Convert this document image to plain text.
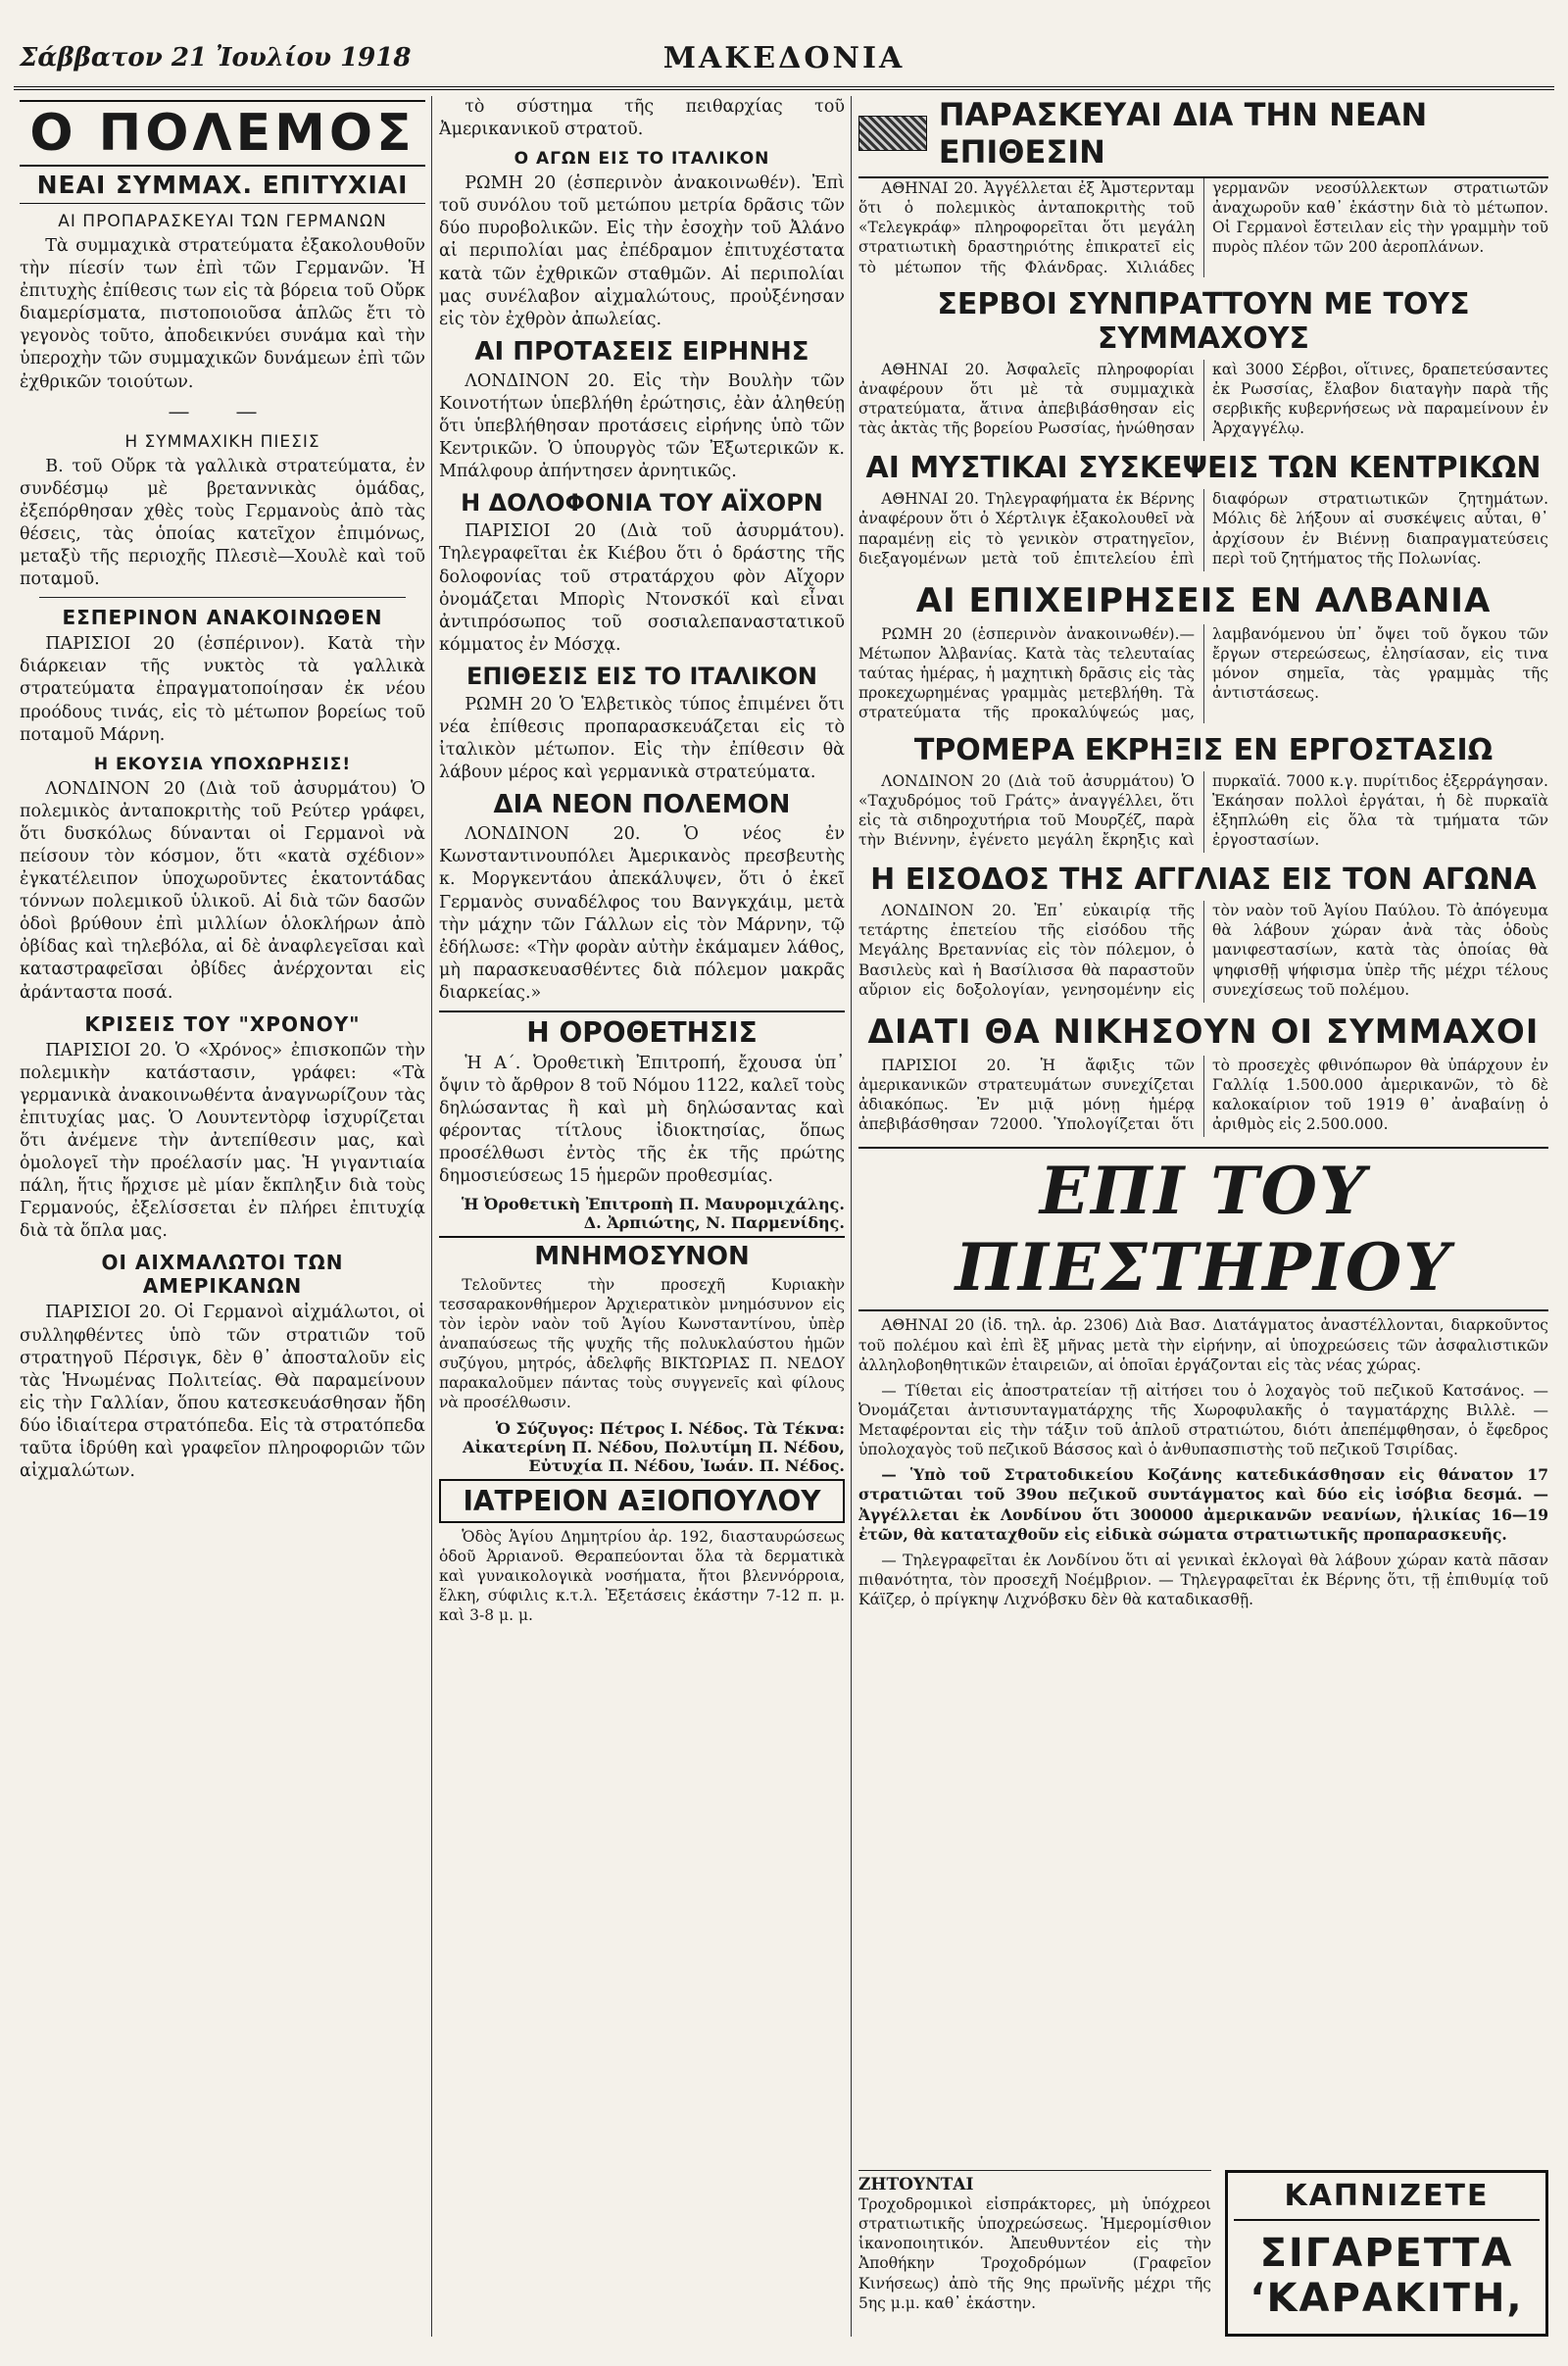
Σάββατον 21 Ἰουλίου 1918	ΜΑΚΕΔΟΝΙΑ
Ο ΠΟΛΕΜΟΣ
ΝΕΑΙ ΣΥΜΜΑΧ. ΕΠΙΤΥΧΙΑΙ
ΑΙ ΠΡΟΠΑΡΑΣΚΕΥΑΙ ΤΩΝ ΓΕΡΜΑΝΩΝ

Τὰ συμμαχικὰ στρατεύματα ἐξακολουθοῦν τὴν πίεσίν των ἐπὶ τῶν Γερμανῶν. Ἡ ἐπιτυχὴς ἐπίθεσις των εἰς τὰ βόρεια τοῦ Οὔρκ διαμερίσματα, πιστοποιοῦσα ἁπλῶς ἔτι τὸ γεγονὸς τοῦτο, ἀποδεικνύει συνάμα καὶ τὴν ὑπεροχὴν τῶν συμμαχικῶν δυνάμεων ἐπὶ τῶν ἐχθρικῶν τοιούτων.

— —
Η ΣΥΜΜΑΧΙΚΗ ΠΙΕΣΙΣ

Β. τοῦ Οὔρκ τὰ γαλλικὰ στρατεύματα, ἐν συνδέσμῳ μὲ βρεταννικὰς ὁμάδας, ἐξεπόρθησαν χθὲς τοὺς Γερμανοὺς ἀπὸ τὰς θέσεις, τὰς ὁποίας κατεῖχον ἐπιμόνως, μεταξὺ τῆς περιοχῆς Πλεσιὲ—Χουλὲ καὶ τοῦ ποταμοῦ.

ΕΣΠΕΡΙΝΟΝ ΑΝΑΚΟΙΝΩΘΕΝ

ΠΑΡΙΣΙΟΙ 20 (ἑσπέρινον). Κατὰ τὴν διάρκειαν τῆς νυκτὸς τὰ γαλλικὰ στρατεύματα ἐπραγματοποίησαν ἐκ νέου προόδους τινάς, εἰς τὸ μέτωπον βορείως τοῦ ποταμοῦ Μάρνη.

Η ΕΚΟΥΣΙΑ ΥΠΟΧΩΡΗΣΙΣ!

ΛΟΝΔΙΝΟΝ 20 (Διὰ τοῦ ἀσυρμάτου) Ὁ πολεμικὸς ἀνταποκριτὴς τοῦ Ρεύτερ γράφει, ὅτι δυσκόλως δύνανται οἱ Γερμανοὶ νὰ πείσουν τὸν κόσμον, ὅτι «κατὰ σχέδιον» ἐγκατέλειπον ὑποχωροῦντες ἑκατοντάδας τόννων πολεμικοῦ ὑλικοῦ. Αἱ διὰ τῶν δασῶν ὁδοὶ βρύθουν ἐπὶ μιλλίων ὁλοκλήρων ἀπὸ ὀβίδας καὶ τηλεβόλα, αἱ δὲ ἀναφλεγεῖσαι καὶ καταστραφεῖσαι ὀβίδες ἀνέρχονται εἰς ἀράνταστα ποσά.

ΚΡΙΣΕΙΣ ΤΟΥ "ΧΡΟΝΟΥ"

ΠΑΡΙΣΙΟΙ 20. Ὁ «Χρόνος» ἐπισκοπῶν τὴν πολεμικὴν κατάστασιν, γράφει: «Τὰ γερμανικὰ ἀνακοινωθέντα ἀναγνωρίζουν τὰς ἐπιτυχίας μας. Ὁ Λουντεντὸρφ ἰσχυρίζεται ὅτι ἀνέμενε τὴν ἀντεπίθεσιν μας, καὶ ὁμολογεῖ τὴν προέλασίν μας. Ἡ γιγαντιαία πάλη, ἥτις ἤρχισε μὲ μίαν ἔκπληξιν διὰ τοὺς Γερμανούς, ἐξελίσσεται ἐν πλήρει ἐπιτυχίᾳ διὰ τὰ ὅπλα μας.

ΟΙ ΑΙΧΜΑΛΩΤΟΙ ΤΩΝ ΑΜΕΡΙΚΑΝΩΝ

ΠΑΡΙΣΙΟΙ 20. Οἱ Γερμανοὶ αἰχμάλωτοι, οἱ συλληφθέντες ὑπὸ τῶν στρατιῶν τοῦ στρατηγοῦ Πέρσιγκ, δὲν θ᾽ ἀποσταλοῦν εἰς τὰς Ἡνωμένας Πολιτείας. Θὰ παραμείνουν εἰς τὴν Γαλλίαν, ὅπου κατεσκευάσθησαν ἤδη δύο ἰδιαίτερα στρατόπεδα. Εἰς τὰ στρατόπεδα ταῦτα ἱδρύθη καὶ γραφεῖον πληροφοριῶν τῶν αἰχμαλώτων.

τὸ σύστημα τῆς πειθαρχίας τοῦ Ἀμερικανικοῦ στρατοῦ.

Ο ΑΓΩΝ ΕΙΣ ΤΟ ΙΤΑΛΙΚΟΝ

ΡΩΜΗ 20 (ἑσπερινὸν ἀνακοινωθέν). Ἐπὶ τοῦ συνόλου τοῦ μετώπου μετρία δρᾶσις τῶν δύο πυροβολικῶν. Εἰς τὴν ἐσοχὴν τοῦ Ἀλάνο αἱ περιπολίαι μας ἐπέδραμον ἐπιτυχέστατα κατὰ τῶν ἐχθρικῶν σταθμῶν. Αἱ περιπολίαι μας συνέλαβον αἰχμαλώτους, προὐξένησαν εἰς τὸν ἐχθρὸν ἀπωλείας.

ΑΙ ΠΡΟΤΑΣΕΙΣ ΕΙΡΗΝΗΣ

ΛΟΝΔΙΝΟΝ 20. Εἰς τὴν Βουλὴν τῶν Κοινοτήτων ὑπεβλήθη ἐρώτησις, ἐὰν ἀληθεύῃ ὅτι ὑπεβλήθησαν προτάσεις εἰρήνης ὑπὸ τῶν Κεντρικῶν. Ὁ ὑπουργὸς τῶν Ἐξωτερικῶν κ. Μπάλφουρ ἀπήντησεν ἀρνητικῶς.

Η ΔΟΛΟΦΟΝΙΑ ΤΟΥ ΑΪΧΟΡΝ

ΠΑΡΙΣΙΟΙ 20 (Διὰ τοῦ ἀσυρμάτου). Τηλεγραφεῖται ἐκ Κιέβου ὅτι ὁ δράστης τῆς δολοφονίας τοῦ στρατάρχου φὸν Αἴχορν ὀνομάζεται Μπορὶς Ντονσκόϊ καὶ εἶναι ἀντιπρόσωπος τοῦ σοσιαλεπαναστατικοῦ κόμματος ἐν Μόσχᾳ.

ΕΠΙΘΕΣΙΣ ΕΙΣ ΤΟ ΙΤΑΛΙΚΟΝ

ΡΩΜΗ 20 Ὁ Ἑλβετικὸς τύπος ἐπιμένει ὅτι νέα ἐπίθεσις προπαρασκευάζεται εἰς τὸ ἰταλικὸν μέτωπον. Εἰς τὴν ἐπίθεσιν θὰ λάβουν μέρος καὶ γερμανικὰ στρατεύματα.

ΔΙΑ ΝΕΟΝ ΠΟΛΕΜΟΝ

ΛΟΝΔΙΝΟΝ 20. Ὁ νέος ἐν Κωνσταντινουπόλει Ἀμερικανὸς πρεσβευτὴς κ. Μοργκεντάου ἀπεκάλυψεν, ὅτι ὁ ἐκεῖ Γερμανὸς συναδέλφος του Βανγκχάιμ, μετὰ τὴν μάχην τῶν Γάλλων εἰς τὸν Μάρνην, τῷ ἐδήλωσε: «Τὴν φορὰν αὐτὴν ἐκάμαμεν λάθος, μὴ παρασκευασθέντες διὰ πόλεμον μακρᾶς διαρκείας.»

Η ΟΡΟΘΕΤΗΣΙΣ

Ἡ Α΄. Ὀροθετικὴ Ἐπιτροπή, ἔχουσα ὑπ᾽ ὄψιν τὸ ἄρθρον 8 τοῦ Νόμου 1122, καλεῖ τοὺς δηλώσαντας ἢ καὶ μὴ δηλώσαντας καὶ φέροντας τίτλους ἰδιοκτησίας, ὅπως προσέλθωσι ἐντὸς τῆς ἐκ τῆς πρώτης δημοσιεύσεως 15 ἡμερῶν προθεσμίας.

Ἡ Ὀροθετικὴ Ἐπιτροπὴ Π. Μαυρομιχάλης. Δ. Ἀρπιώτης, Ν. Παρμενίδης.
ΜΝΗΜΟΣΥΝΟΝ

Τελοῦντες τὴν προσεχῆ Κυριακὴν τεσσαρακονθήμερον Ἀρχιερατικὸν μνημόσυνον εἰς τὸν ἱερὸν ναὸν τοῦ Ἁγίου Κωνσταντίνου, ὑπὲρ ἀναπαύσεως τῆς ψυχῆς τῆς πολυκλαύστου ἡμῶν συζύγου, μητρός, ἀδελφῆς ΒΙΚΤΩΡΙΑΣ Π. ΝΕΔΟΥ παρακαλοῦμεν πάντας τοὺς συγγενεῖς καὶ φίλους νὰ προσέλθωσιν.

Ὁ Σύζυγος: Πέτρος Ι. Νέδος. Τὰ Τέκνα: Αἰκατερίνη Π. Νέδου, Πολυτίμη Π. Νέδου, Εὐτυχία Π. Νέδου, Ἰωάν. Π. Νέδος.
ΙΑΤΡΕΙΟΝ ΑΞΙΟΠΟΥΛΟΥ

Ὁδὸς Ἁγίου Δημητρίου ἀρ. 192, διασταυρώσεως ὁδοῦ Ἀρριανοῦ. Θεραπεύονται ὅλα τὰ δερματικὰ καὶ γυναικολογικὰ νοσήματα, ἤτοι βλεννόρροια, ἕλκη, σύφιλις κ.τ.λ. Ἐξετάσεις ἐκάστην 7-12 π. μ. καὶ 3-8 μ. μ.

ΠΑΡΑΣΚΕΥΑΙ ΔΙΑ ΤΗΝ ΝΕΑΝ ΕΠΙΘΕΣΙΝ

ΑΘΗΝΑΙ 20. Ἀγγέλλεται ἐξ Ἀμστερνταμ ὅτι ὁ πολεμικὸς ἀνταποκριτὴς τοῦ «Τελεγκράφ» πληροφορεῖται ὅτι μεγάλη στρατιωτικὴ δραστηριότης ἐπικρατεῖ εἰς τὸ μέτωπον τῆς Φλάνδρας. Χιλιάδες γερμανῶν νεοσύλλεκτων στρατιωτῶν ἀναχωροῦν καθ᾽ ἑκάστην διὰ τὸ μέτωπον. Οἱ Γερμανοὶ ἔστειλαν εἰς τὴν γραμμὴν τοῦ πυρὸς πλέον τῶν 200 ἀεροπλάνων.

ΣΕΡΒΟΙ ΣΥΝΠΡΑΤΤΟΥΝ ΜΕ ΤΟΥΣ ΣΥΜΜΑΧΟΥΣ

ΑΘΗΝΑΙ 20. Ἀσφαλεῖς πληροφορίαι ἀναφέρουν ὅτι μὲ τὰ συμμαχικὰ στρατεύματα, ἅτινα ἀπεβιβάσθησαν εἰς τὰς ἀκτὰς τῆς βορείου Ρωσσίας, ἡνώθησαν καὶ 3000 Σέρβοι, οἵτινες, δραπετεύσαντες ἐκ Ρωσσίας, ἔλαβον διαταγὴν παρὰ τῆς σερβικῆς κυβερνήσεως νὰ παραμείνουν ἐν Ἀρχαγγέλῳ.

ΑΙ ΜΥΣΤΙΚΑΙ ΣΥΣΚΕΨΕΙΣ ΤΩΝ ΚΕΝΤΡΙΚΩΝ

ΑΘΗΝΑΙ 20. Τηλεγραφήματα ἐκ Βέρνης ἀναφέρουν ὅτι ὁ Χέρτλιγκ ἐξακολουθεῖ νὰ παραμένῃ εἰς τὸ γενικὸν στρατηγεῖον, διεξαγομένων μετὰ τοῦ ἐπιτελείου ἐπὶ διαφόρων στρατιωτικῶν ζητημάτων. Μόλις δὲ λήξουν αἱ συσκέψεις αὗται, θ᾽ ἀρχίσουν ἐν Βιέννῃ διαπραγματεύσεις περὶ τοῦ ζητήματος τῆς Πολωνίας.

ΑΙ ΕΠΙΧΕΙΡΗΣΕΙΣ ΕΝ ΑΛΒΑΝΙΑ

ΡΩΜΗ 20 (ἑσπερινὸν ἀνακοινωθέν).—Μέτωπον Ἀλβανίας. Κατὰ τὰς τελευταίας ταύτας ἡμέρας, ἡ μαχητικὴ δρᾶσις εἰς τὰς προκεχωρημένας γραμμὰς μετεβλήθη. Τὰ στρατεύματα τῆς προκαλύψεώς μας, λαμβανόμενου ὑπ᾽ ὄψει τοῦ ὄγκου τῶν ἔργων στερεώσεως, ἐλησίασαν, εἰς τινα μόνον σημεῖα, τὰς γραμμὰς τῆς ἀντιστάσεως.

ΤΡΟΜΕΡΑ ΕΚΡΗΞΙΣ ΕΝ ΕΡΓΟΣΤΑΣΙΩ

ΛΟΝΔΙΝΟΝ 20 (Διὰ τοῦ ἀσυρμάτου) Ὁ «Ταχυδρόμος τοῦ Γράτς» ἀναγγέλλει, ὅτι εἰς τὰ σιδηροχυτήρια τοῦ Μουρζέζ, παρὰ τὴν Βιέννην, ἐγένετο μεγάλη ἔκρηξις καὶ πυρκαϊά. 7000 κ.γ. πυρίτιδος ἐξερράγησαν. Ἐκάησαν πολλοὶ ἐργάται, ἡ δὲ πυρκαϊὰ ἐξηπλώθη εἰς ὅλα τὰ τμήματα τῶν ἐργοστασίων.

Η ΕΙΣΟΔΟΣ ΤΗΣ ΑΓΓΛΙΑΣ ΕΙΣ ΤΟΝ ΑΓΩΝΑ

ΛΟΝΔΙΝΟΝ 20. Ἐπ᾽ εὐκαιρίᾳ τῆς τετάρτης ἐπετείου τῆς εἰσόδου τῆς Μεγάλης Βρεταννίας εἰς τὸν πόλεμον, ὁ Βασιλεὺς καὶ ἡ Βασίλισσα θὰ παραστοῦν αὔριον εἰς δοξολογίαν, γενησομένην εἰς τὸν ναὸν τοῦ Ἁγίου Παύλου. Τὸ ἀπόγευμα θὰ λάβουν χώραν ἀνὰ τὰς ὁδοὺς μανιφεστασίων, κατὰ τὰς ὁποίας θὰ ψηφισθῇ ψήφισμα ὑπὲρ τῆς μέχρι τέλους συνεχίσεως τοῦ πολέμου.

ΔΙΑΤΙ ΘΑ ΝΙΚΗΣΟΥΝ ΟΙ ΣΥΜΜΑΧΟΙ

ΠΑΡΙΣΙΟΙ 20. Ἡ ἄφιξις τῶν ἀμερικανικῶν στρατευμάτων συνεχίζεται ἀδιακόπως. Ἐν μιᾷ μόνῃ ἡμέρᾳ ἀπεβιβάσθησαν 72000. Ὑπολογίζεται ὅτι τὸ προσεχὲς φθινόπωρον θὰ ὑπάρχουν ἐν Γαλλίᾳ 1.500.000 ἀμερικανῶν, τὸ δὲ καλοκαίριον τοῦ 1919 θ᾽ ἀναβαίνῃ ὁ ἀριθμὸς εἰς 2.500.000.

ΕΠΙ ΤΟΥ ΠΙΕΣΤΗΡΙΟΥ

ΑΘΗΝΑΙ 20 (ἰδ. τηλ. ἀρ. 2306) Διὰ Βασ. Διατάγματος ἀναστέλλονται, διαρκοῦντος τοῦ πολέμου καὶ ἐπὶ ἓξ μῆνας μετὰ τὴν εἰρήνην, αἱ ὑποχρεώσεις τῶν ἀσφαλιστικῶν ἀλληλοβοηθητικῶν ἑταιρειῶν, αἱ ὁποῖαι ἐργάζονται εἰς τὰς νέας χώρας.

— Τίθεται εἰς ἀποστρατείαν τῇ αἰτήσει του ὁ λοχαγὸς τοῦ πεζικοῦ Κατσάνος. — Ὀνομάζεται ἀντισυνταγματάρχης τῆς Χωροφυλακῆς ὁ ταγματάρχης Βιλλὲ. — Μεταφέρονται εἰς τὴν τάξιν τοῦ ἁπλοῦ στρατιώτου, διότι ἀπεπέμφθησαν, ὁ ἔφεδρος ὑπολοχαγὸς τοῦ πεζικοῦ Βάσσος καὶ ὁ ἀνθυπασπιστὴς τοῦ πεζικοῦ Τσιρίδας.

— Ὑπὸ τοῦ Στρατοδικείου Κοζάνης κατεδικάσθησαν εἰς θάνατον 17 στρατιῶται τοῦ 39ου πεζικοῦ συντάγματος καὶ δύο εἰς ἰσόβια δεσμά. — Ἀγγέλλεται ἐκ Λονδίνου ὅτι 300000 ἀμερικανῶν νεανίων, ἡλικίας 16—19 ἐτῶν, θὰ καταταχθοῦν εἰς εἰδικὰ σώματα στρατιωτικῆς προπαρασκευῆς.

— Τηλεγραφεῖται ἐκ Λονδίνου ὅτι αἱ γενικαὶ ἐκλογαὶ θὰ λάβουν χώραν κατὰ πᾶσαν πιθανότητα, τὸν προσεχῆ Νοέμβριον. — Τηλεγραφεῖται ἐκ Βέρνης ὅτι, τῇ ἐπιθυμίᾳ τοῦ Κάϊζερ, ὁ πρίγκηψ Λιχνόβσκυ δὲν θὰ καταδικασθῇ.

ΖΗΤΟΥΝΤΑΙ

Τροχοδρομικοὶ εἰσπράκτορες, μὴ ὑπόχρεοι στρατιωτικῆς ὑποχρεώσεως. Ἡμερομίσθιον ἱκανοποιητικόν. Ἀπευθυντέον εἰς τὴν Ἀποθήκην Τροχοδρόμων (Γραφεῖον Κινήσεως) ἀπὸ τῆς 9ης πρωϊνῆς μέχρι τῆς 5ης μ.μ. καθ᾽ ἑκάστην.

ΚΑΠΝΙΖΕΤΕ
ΣΙΓΑΡΕΤΤΑ ‘ΚΑΡΑΚΙΤΗ,
